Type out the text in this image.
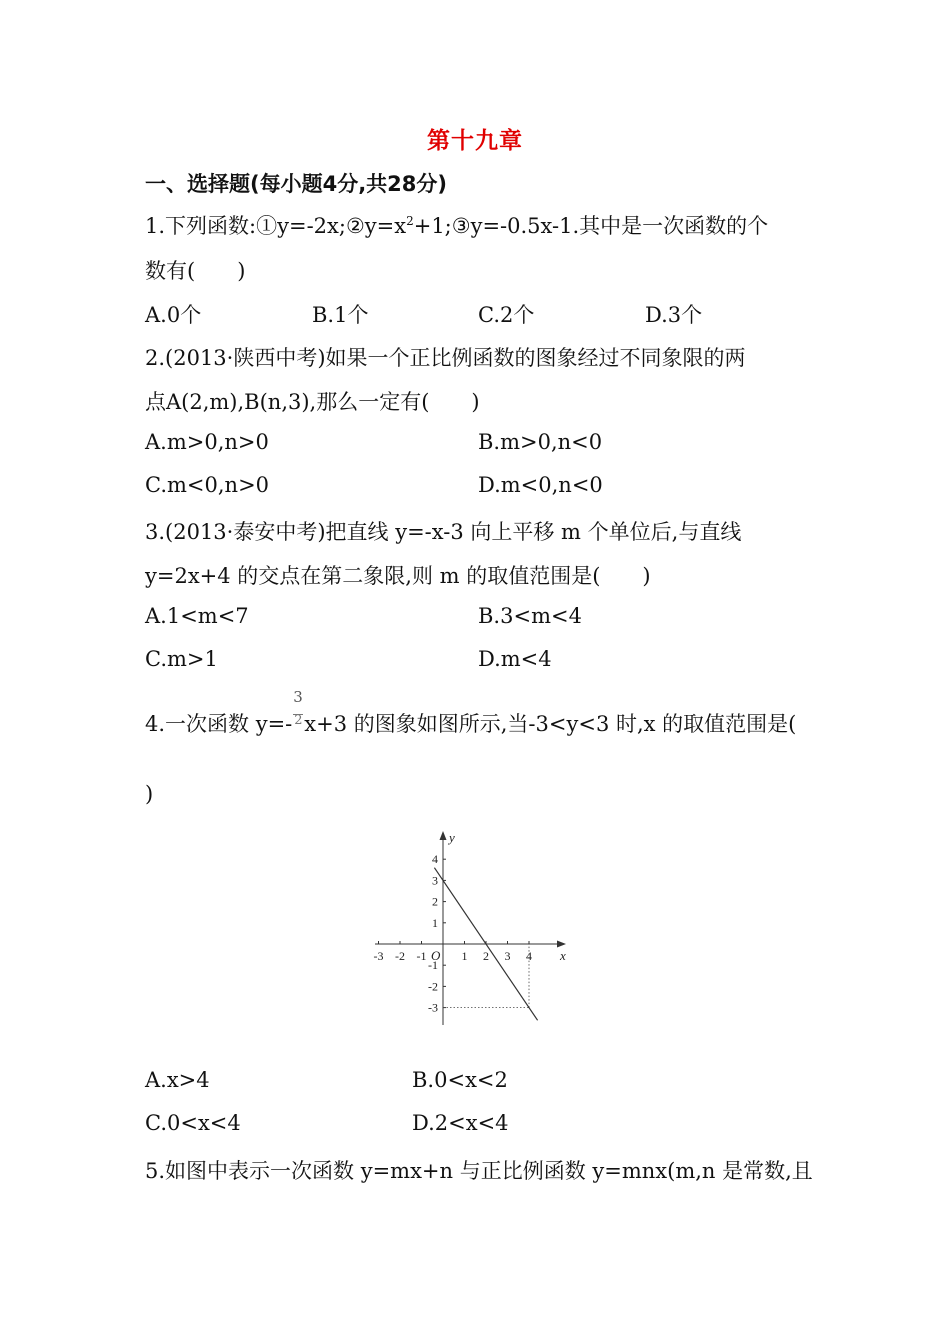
第十九章
一、选择题(每小题4分,共28分)
1.下列函数$:①y=-2x;②y=x^2+1;③y=-0.5x-1$.其中是一次函数的个
数有(　　)
A.0个	B.1个	C.2个	D.3个
2.(2013·陕西中考)如果一个正比例函数的图象经过不同象限的两
点A(2,m),B(n,3),那么一定有(　　)
A.m>0,n>0	B.m>0,n<0
C.m<0,n>0	D.m<0,n<0
3.(2013·泰安中考)把直线 y=-x-3 向上平移 m 个单位后,与直线
y=2x+4 的交点在第二象限,则 m 的取值范围是(　　)
A.1<m<7	B.3<m<4
C.m>1	D.m<4
4.一次函数 $y=- \frac{3}{2} x+3$ 的图象如图所示,当-3<y<3 时,x 的取值范围是(
)
x
y
O
-3 -2 -1	1 2 3 4
4
3
2
1
-1
-2
-3
A.x>4	B.0<x<2
C.0<x<4	D.2<x<4
5.如图中表示一次函数 y=mx+n 与正比例函数 y=mnx(m,n 是常数,且
